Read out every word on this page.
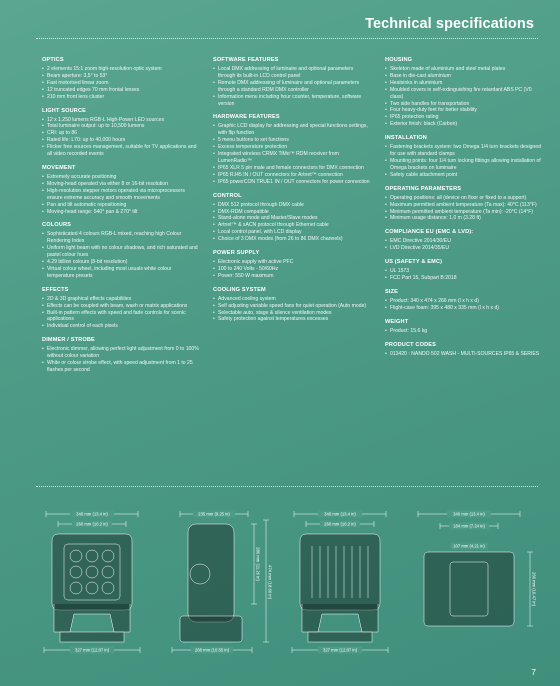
Technical specifications
OPTICS
• 2 elements 15:1 zoom high-resolution optic system
• Beam aperture: 3,5° to 53°
• Fast motorised linear zoom
• 12 truncated edges 70 mm frontal lenses
• 210 mm front lens cluster
LIGHT SOURCE
• 12 x 1,250 lumens RGB-L High-Power LED sources
• Total luminaire output: up to 10,500 lumens
• CRI: up to 86
• Rated life: L70: up to 40,000 hours
• Flicker free sources management, suitable for TV applications and all video recorded events
MOVEMENT
• Extremely accurate positioning
• Moving-head operated via either 8 or 16-bit resolution
• High-resolution stepper motors operated via microprocessors ensure extreme accuracy and smooth movements
• Pan and tilt automatic repositioning
• Moving-head range: 540° pan & 270° tilt
COLOURS
• Sophisticated 4 colours RGB-L mixed, reaching high Colour Rendering Index
• Uniform light beam with no colour shadows, and rich saturated and pastel colour hues
• 4.29 billion colours (8-bit resolution)
• Virtual colour wheel, including most usuals white colour temperature presets
EFFECTS
• 2D & 3D graphical effects capabilities
• Effects can be coupled with beam, wash or matrix applications
• Built-in pattern effects with speed and fade controls for scenic applications
• Individual control of each pixels
DIMMER / STROBE
• Electronic dimmer, allowing perfect light adjustment from 0 to 100% without colour variation
• White or colour strobe effect, with speed adjustment from 1 to 25 flashes per second
SOFTWARE FEATURES
• Local DMX addressing of luminaire and optional parameters through its built-in LCD control panel
• Remote DMX addressing of luminaire and optional parameters through a standard RDM DMX controller
• Information menu including hour counter, temperature, software version
HARDWARE FEATURES
• Graphic LCD display for addressing and special functions settings, with flip function
• 5 menu buttons to set functions
• Excess temperature protection
• Integrated wireless CRMX TiMo™ RDM receiver from LumenRadio™
• IP65 XLR 5 pin male and female connectors for DMX connection
• IP65 RJ45 IN / OUT connectors for Artnet™ connection
• IP65 powerCON TRUE1 IN / OUT connectors for power connection
CONTROL
• DMX 512 protocol through DMX cable
• DMX-RDM compatible
• Stand-alone mode and Master/Slave modes
• Artnet™ & sACN protocol through Ethernet cable
• Local control panel, with LCD display
• Choice of 3 DMX modes (from 26 to 86 DMX channels)
POWER SUPPLY
• Electronic supply with active PFC
• 100 to 240 Volts - 50/60Hz
• Power: 550 W maximum
COOLING SYSTEM
• Advanced cooling system
• Self adjusting variable speed fans for quiet operation (Auto mode)
• Selectable auto, stage & silence ventilation modes
• Safety protection against temperatures excesses
HOUSING
• Skeleton made of aluminium and steel metal plates
• Base in die-cast aluminium
• Heatsinks in aluminium
• Moulded covers in self-extinguishing fire retardant ABS PC (V0 class)
• Two side handles for transportation
• Four heavy-duty feet for better stability
• IP65 protection rating
• Exterior finish: black (Carbon)
INSTALLATION
• Fastening brackets system: two Omega 1/4 turn brackets designed for use with standard clamps
• Mounting points: four 1/4 turn locking fittings allowing installation of Omega brackets on luminaire
• Safety cable attachment point
OPERATING PARAMETERS
• Operating positions: all (device on floor or fixed to a support)
• Maximum permitted ambient temperature (Ta max): 40°C (113°F)
• Minimum permitted ambient temperature (Ta min): -20°C (14°F)
• Minimum usage distance: 1.0 m (3.28 ft)
COMPLIANCE EU (EMC & LVD):
• EMC Directive 2014/30/EU
• LVD Directive 2014/35/EU
US (SAFETY & EMC)
• UL 1573
• FCC Part 15, Subpart B:2018
SIZE
• Product: 340 x 474 x 266 mm (l x h x d)
• Flight-case foam: 395 x 480 x 335 mm (l x h x d)
WEIGHT
• Product: 15.6 kg
PRODUCT CODES
• 013420 : NANDO 502 WASH - MULTI-SOURCES IP65 & SERIES
340 mm (13.4 in)
260 mm (10.2 in)
327 mm (12.87 in)
235 mm (9.25 in)
286 mm (11.26 in)
474 mm (18.66 in)
268 mm (10.55 in)
340 mm (13.4 in)
260 mm (10.2 in)
327 mm (12.87 in)
340 mm (13.4 in)
184 mm (7.24 in)
107 mm (4.21 in)
266 mm (10.47 in)
7
